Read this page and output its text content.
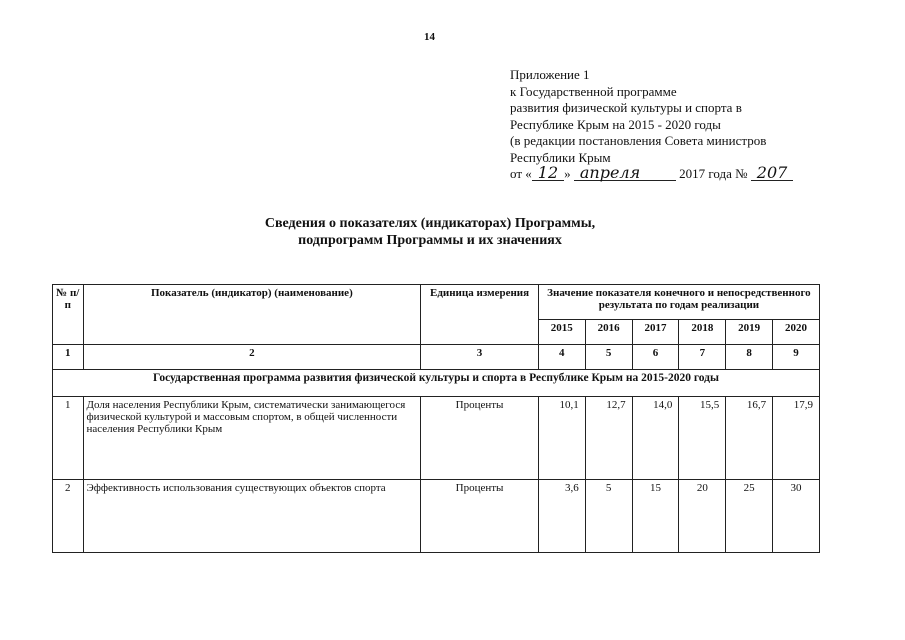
14
Приложение 1
к Государственной программе
развития физической культуры и спорта в
Республике Крым на 2015 - 2020 годы
(в редакции постановления Совета министров
Республики Крым
от « 12 » апреля	2017 года № 207
Сведения о показателях (индикаторах) Программы,
подпрограмм Программы и их значениях
№ п/п	Показатель (индикатор) (наименование)	Единица измерения	Значение показателя конечного и непосредственного результата по годам реализации					
			2015	2016	2017	2018	2019	2020
1	2	3	4	5	6	7	8	9
Государственная программа развития физической культуры и спорта в Республике Крым на 2015-2020 годы								
1	Доля населения Республики Крым, систематически занимающегося физической культурой и массовым спортом, в общей численности населения Республики Крым	Проценты	10,1	12,7	14,0	15,5	16,7	17,9
2	Эффективность использования существующих объектов спорта	Проценты	3,6	5	15	20	25	30
